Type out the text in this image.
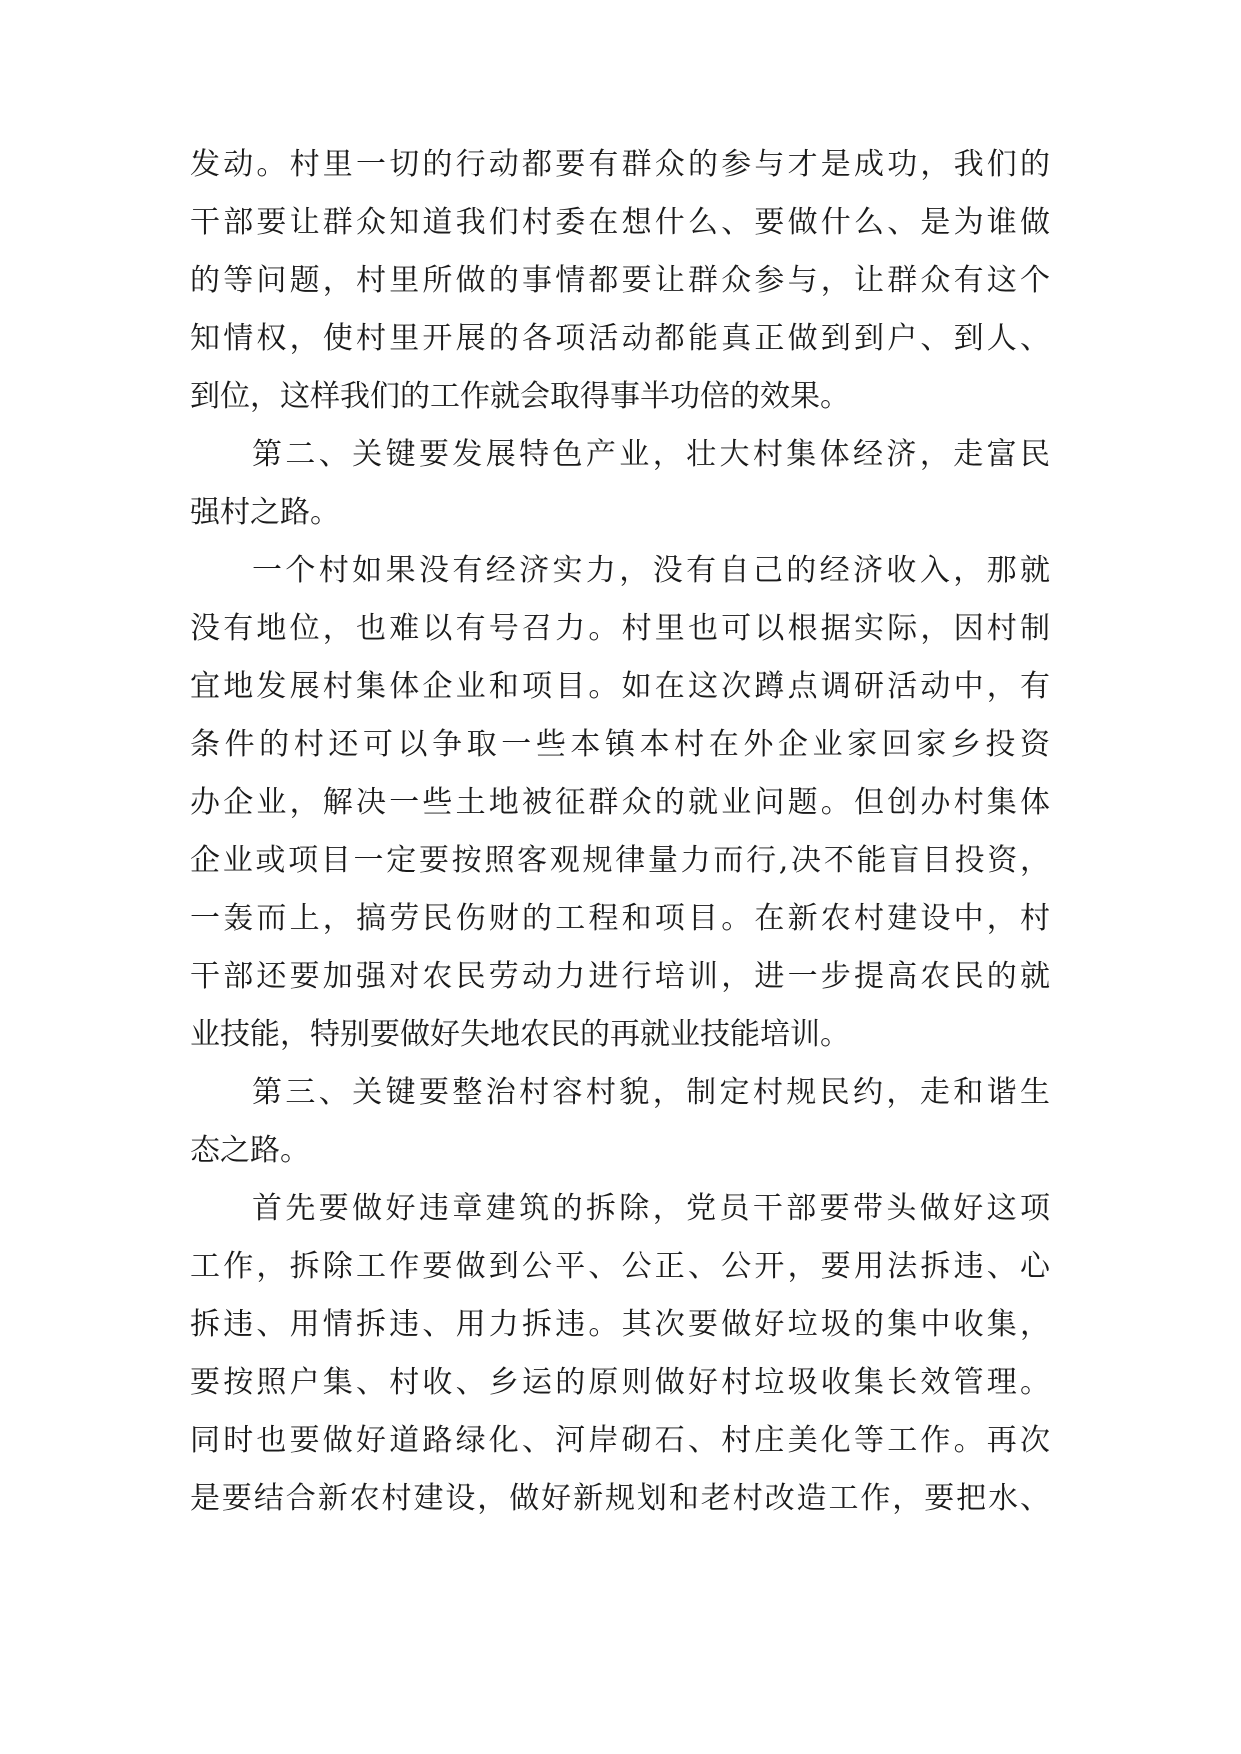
发动。村里一切的行动都要有群众的参与才是成功，我们的
干部要让群众知道我们村委在想什么、要做什么、是为谁做
的等问题，村里所做的事情都要让群众参与，让群众有这个
知情权，使村里开展的各项活动都能真正做到到户、到人、
到位，这样我们的工作就会取得事半功倍的效果。
第二、关键要发展特色产业，壮大村集体经济，走富民
强村之路。
一个村如果没有经济实力，没有自己的经济收入，那就
没有地位，也难以有号召力。村里也可以根据实际，因村制
宜地发展村集体企业和项目。如在这次蹲点调研活动中，有
条件的村还可以争取一些本镇本村在外企业家回家乡投资
办企业，解决一些土地被征群众的就业问题。但创办村集体
企业或项目一定要按照客观规律量力而行,决不能盲目投资，
一轰而上，搞劳民伤财的工程和项目。在新农村建设中，村
干部还要加强对农民劳动力进行培训，进一步提高农民的就
业技能，特别要做好失地农民的再就业技能培训。
第三、关键要整治村容村貌，制定村规民约，走和谐生
态之路。
首先要做好违章建筑的拆除，党员干部要带头做好这项
工作，拆除工作要做到公平、公正、公开，要用法拆违、心
拆违、用情拆违、用力拆违。其次要做好垃圾的集中收集，
要按照户集、村收、乡运的原则做好村垃圾收集长效管理。
同时也要做好道路绿化、河岸砌石、村庄美化等工作。再次
是要结合新农村建设，做好新规划和老村改造工作，要把水、
